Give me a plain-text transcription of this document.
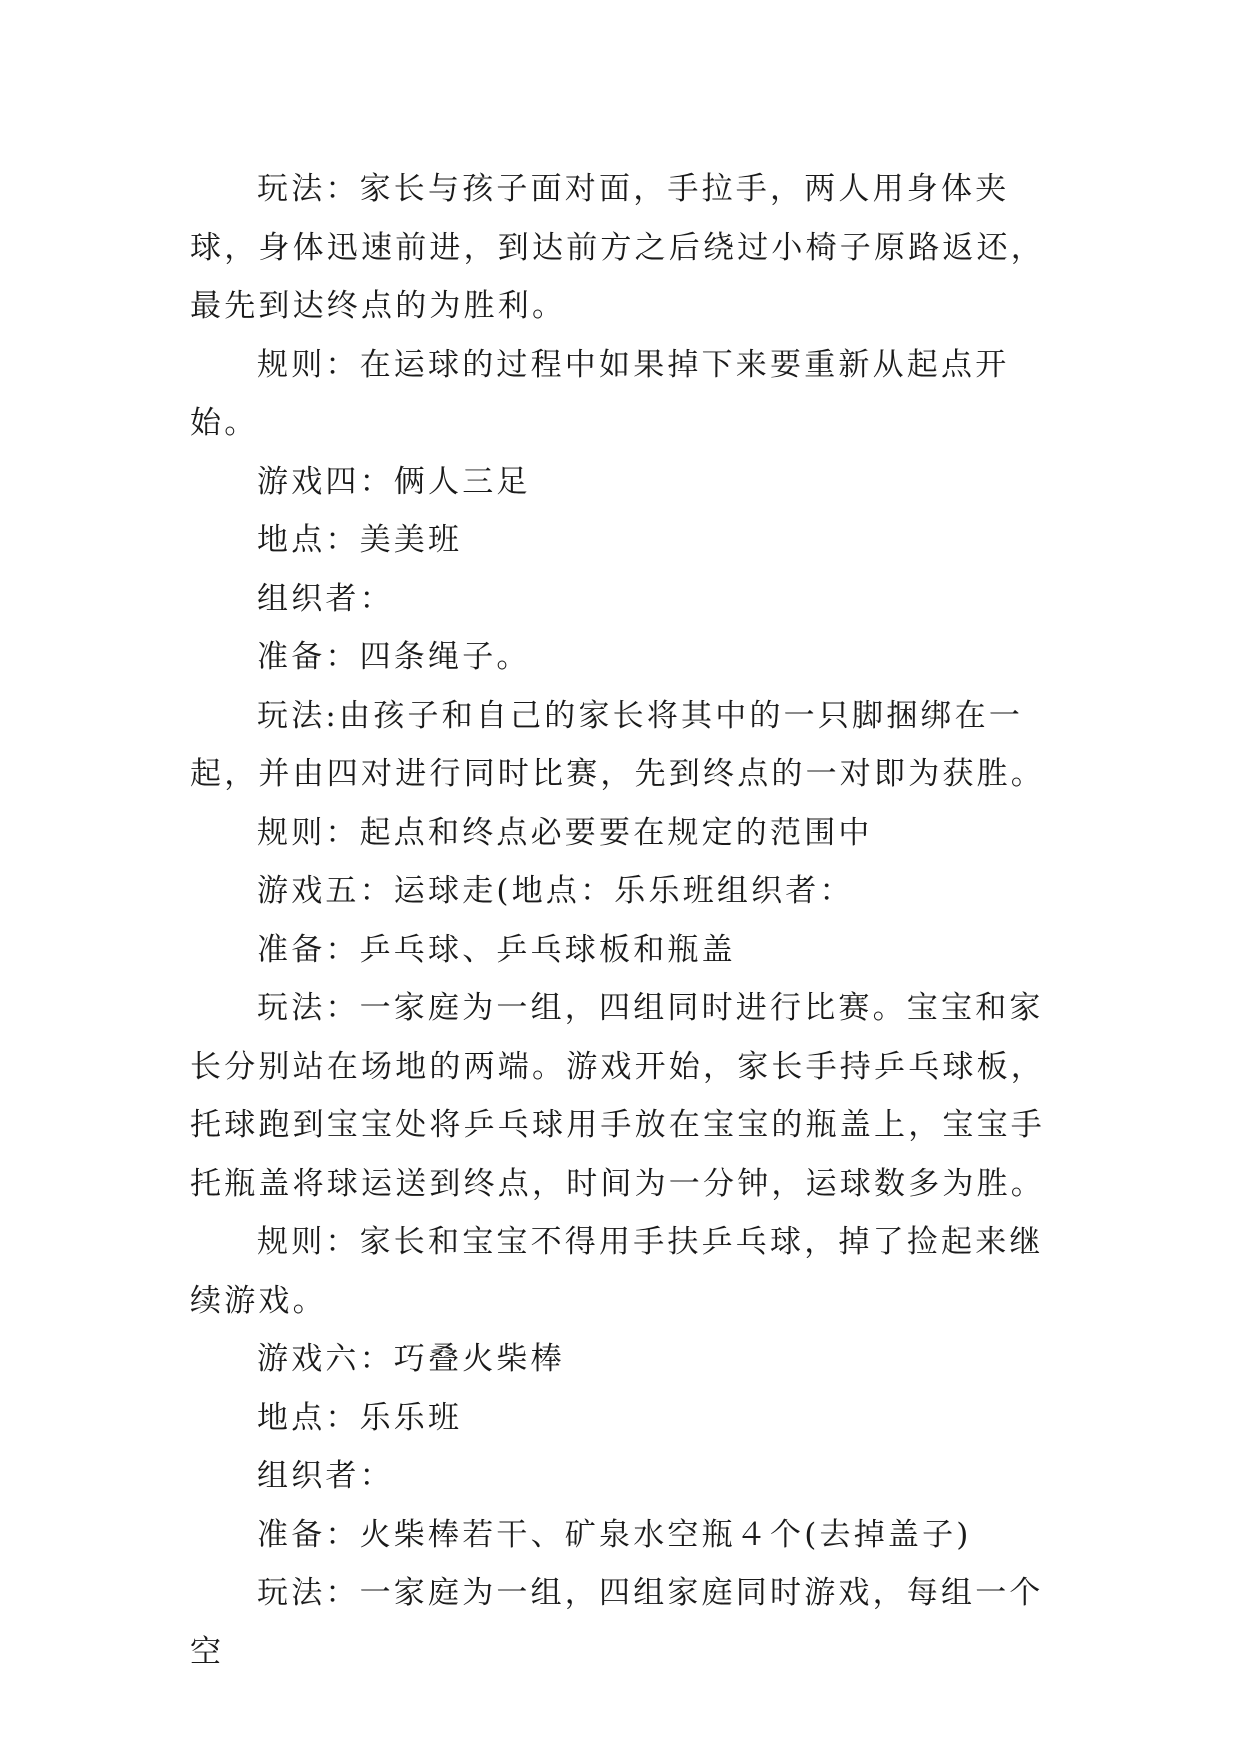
玩法：家长与孩子面对面，手拉手，两人用身体夹球，身体迅速前进，到达前方之后绕过小椅子原路返还，最先到达终点的为胜利。

规则：在运球的过程中如果掉下来要重新从起点开始。

游戏四：俩人三足

地点：美美班

组织者：

准备：四条绳子。

玩法:由孩子和自己的家长将其中的一只脚捆绑在一起，并由四对进行同时比赛，先到终点的一对即为获胜。

规则：起点和终点必要要在规定的范围中

游戏五：运球走(地点：乐乐班组织者：

准备：乒乓球、乒乓球板和瓶盖

玩法：一家庭为一组，四组同时进行比赛。宝宝和家长分别站在场地的两端。游戏开始，家长手持乒乓球板，托球跑到宝宝处将乒乓球用手放在宝宝的瓶盖上，宝宝手托瓶盖将球运送到终点，时间为一分钟，运球数多为胜。

规则：家长和宝宝不得用手扶乒乓球，掉了捡起来继续游戏。

游戏六：巧叠火柴棒

地点：乐乐班

组织者：

准备：火柴棒若干、矿泉水空瓶４个(去掉盖子)

玩法：一家庭为一组，四组家庭同时游戏，每组一个空
